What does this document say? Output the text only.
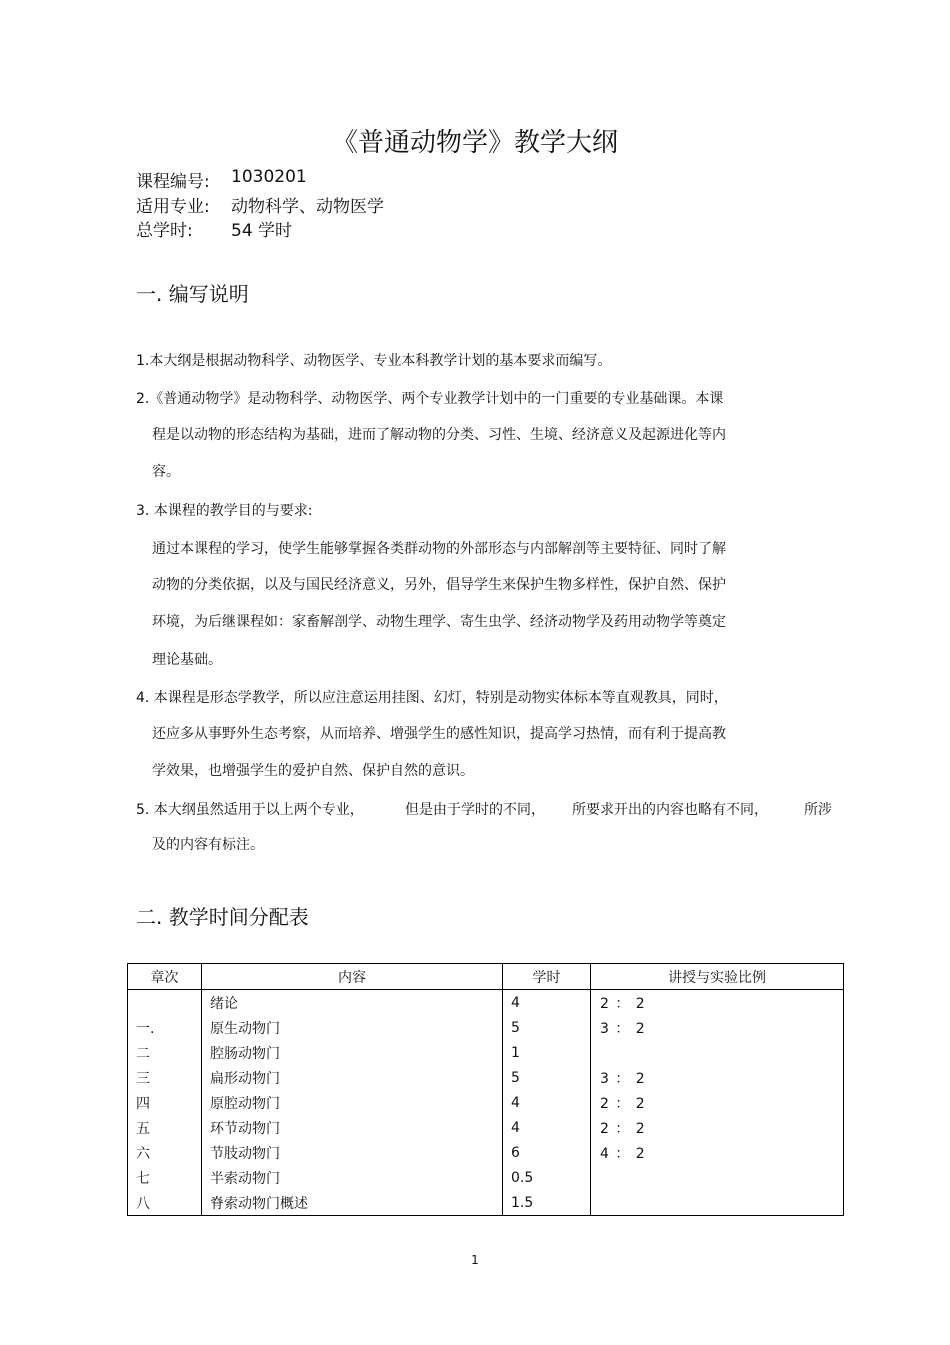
《普通动物学》教学大纲
课程编号: 1030201
适用专业: 动物科学、动物医学
总学时: 54 学时
一. 编写说明
1.本大纲是根据动物科学、动物医学、专业本科教学计划的基本要求而编写。
2.《普通动物学》是动物科学、动物医学、两个专业教学计划中的一门重要的专业基础课。本课
程是以动物的形态结构为基础，进而了解动物的分类、习性、生境、经济意义及起源进化等内
容。
3. 本课程的教学目的与要求:
通过本课程的学习，使学生能够掌握各类群动物的外部形态与内部解剖等主要特征、同时了解
动物的分类依据，以及与国民经济意义，另外，倡导学生来保护生物多样性，保护自然、保护
环境，为后继课程如：家畜解剖学、动物生理学、寄生虫学、经济动物学及药用动物学等奠定
理论基础。
4. 本课程是形态学教学，所以应注意运用挂图、幻灯，特别是动物实体标本等直观教具，同时，
还应多从事野外生态考察，从而培养、增强学生的感性知识，提高学习热情，而有利于提高教
学效果，也增强学生的爱护自然、保护自然的意识。
5. 本大纲虽然适用于以上两个专业，	但是由于学时的不同， 所要求开出的内容也略有不同，	所涉
及的内容有标注。
二. 教学时间分配表
章次	内容	学时	讲授与实验比例
	绪论	4	2 ： 2
一.	原生动物门	5	3 ： 2
二	腔肠动物门	1	
三	扁形动物门	5	3 ： 2
四	原腔动物门	4	2 ： 2
五	环节动物门	4	2 ： 2
六	节肢动物门	6	4 ： 2
七	半索动物门	0.5	
八	脊索动物门概述	1.5	
1
